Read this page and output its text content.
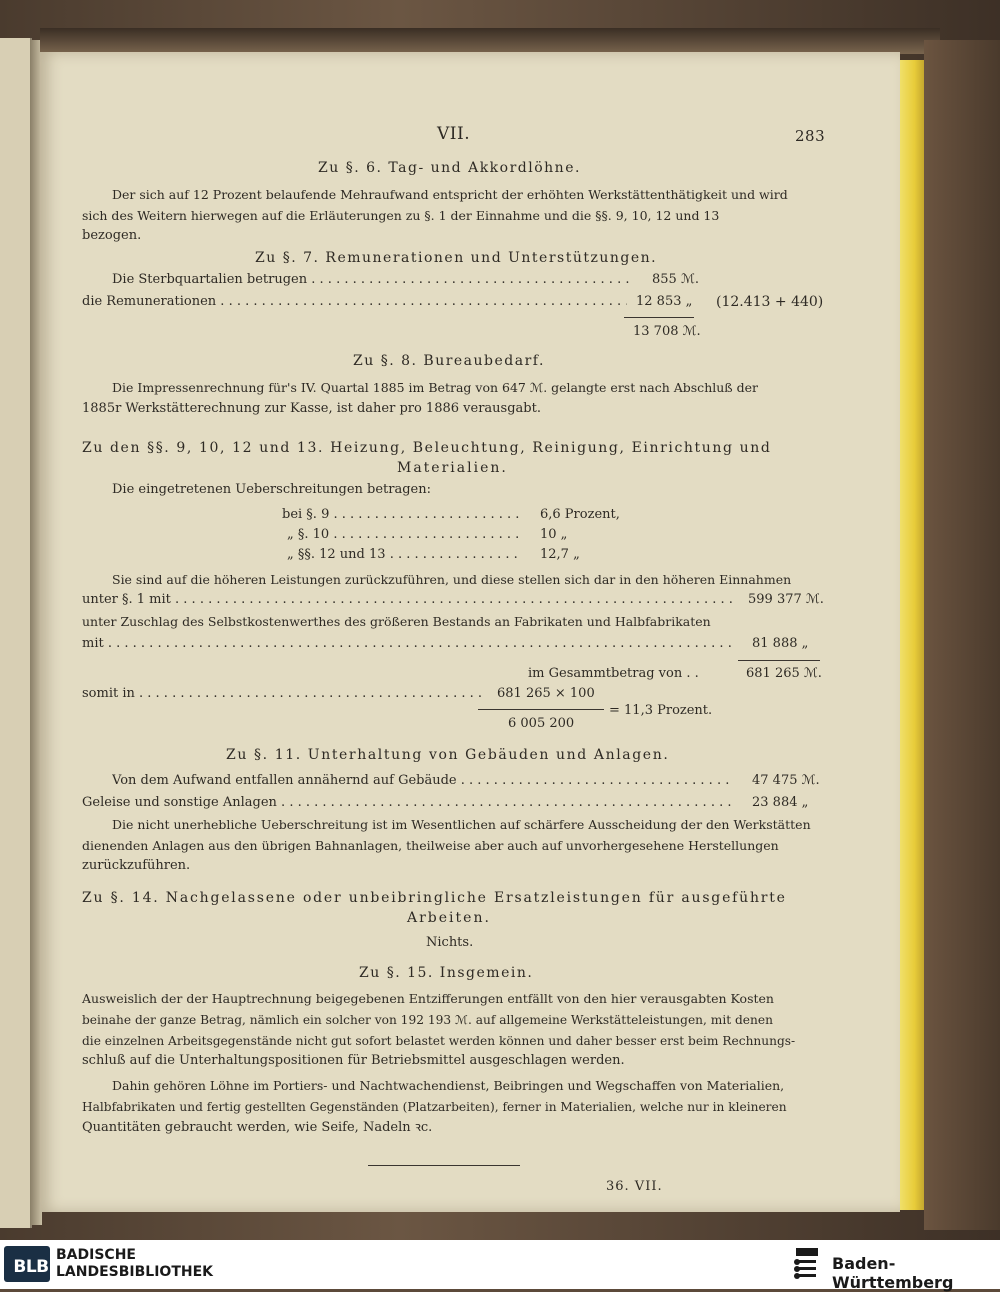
VII.	283
Zu §. 6. Tag- und Akkordlöhne.
Der sich auf 12 Prozent belaufende Mehraufwand entspricht der erhöhten Werkstättenthätigkeit und wird
sich des Weitern hierwegen auf die Erläuterungen zu §. 1 der Einnahme und die §§. 9, 10, 12 und 13
bezogen.
Zu §. 7. Remunerationen und Unterstützungen.
Die Sterbquartalien betrugen . . .	855 ℳ.
die Remunerationen . . .	12 853 „ (12.413 + 440)
13 708 ℳ.
Zu §. 8. Bureaubedarf.
Die Impressenrechnung für's IV. Quartal 1885 im Betrag von 647 ℳ. gelangte erst nach Abschluß der
1885r Werkstätterechnung zur Kasse, ist daher pro 1886 verausgabt.
Zu den §§. 9, 10, 12 und 13. Heizung, Beleuchtung, Reinigung, Einrichtung und
Materialien.
Die eingetretenen Ueberschreitungen betragen:
bei §. 9 . . .	6,6 Prozent,
„ §. 10 . . .	10 „
„ §§. 12 und 13 . . .	12,7 „
Sie sind auf die höheren Leistungen zurückzuführen, und diese stellen sich dar in den höheren Einnahmen
unter §. 1 mit . . .	599 377 ℳ.
unter Zuschlag des Selbstkostenwerthes des größeren Bestands an Fabrikaten und Halbfabrikaten
mit . . .	81 888 „
im Gesammtbetrag von . .	681 265 ℳ.
somit in . . .	681 265 × 100
= 11,3 Prozent.
6 005 200
Zu §. 11. Unterhaltung von Gebäuden und Anlagen.
Von dem Aufwand entfallen annähernd auf Gebäude . . .	47 475 ℳ.
Geleise und sonstige Anlagen . . .	23 884 „
Die nicht unerhebliche Ueberschreitung ist im Wesentlichen auf schärfere Ausscheidung der den Werkstätten
dienenden Anlagen aus den übrigen Bahnanlagen, theilweise aber auch auf unvorhergesehene Herstellungen
zurückzuführen.
Zu §. 14. Nachgelassene oder unbeibringliche Ersatzleistungen für ausgeführte
Arbeiten.
Nichts.
Zu §. 15. Insgemein.
Ausweislich der der Hauptrechnung beigegebenen Entzifferungen entfällt von den hier verausgabten Kosten
beinahe der ganze Betrag, nämlich ein solcher von 192 193 ℳ. auf allgemeine Werkstätteleistungen, mit denen
die einzelnen Arbeitsgegenstände nicht gut sofort belastet werden können und daher besser erst beim Rechnungs-
schluß auf die Unterhaltungspositionen für Betriebsmittel ausgeschlagen werden.
Dahin gehören Löhne im Portiers- und Nachtwachendienst, Beibringen und Wegschaffen von Materialien,
Halbfabrikaten und fertig gestellten Gegenständen (Platzarbeiten), ferner in Materialien, welche nur in kleineren
Quantitäten gebraucht werden, wie Seife, Nadeln ꝛc.
36. VII.
BLB
BADISCHE
LANDESBIBLIOTHEK	Baden-Württemberg
